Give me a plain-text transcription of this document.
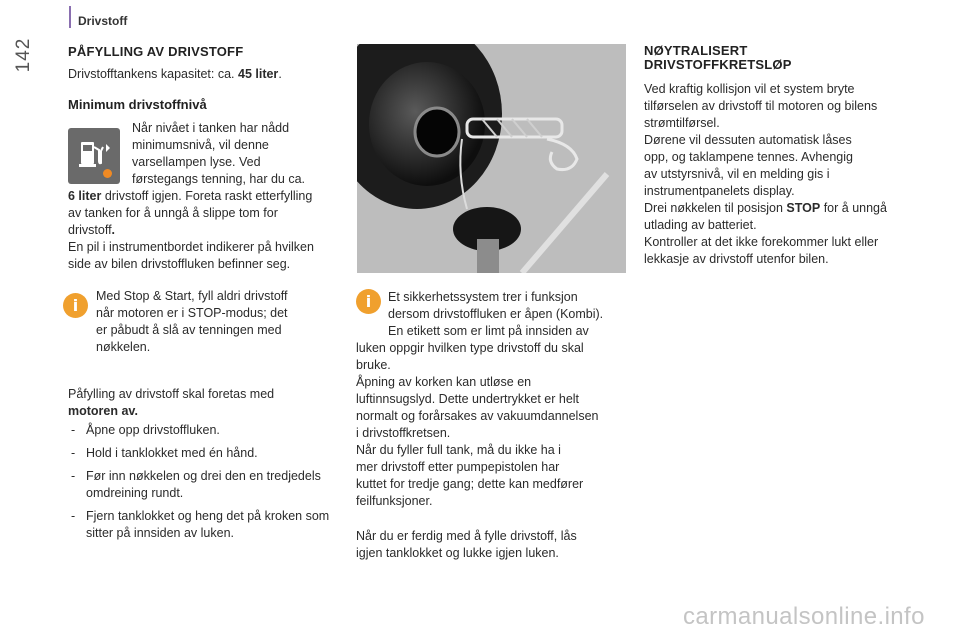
Drivstoff
142	PÅFYLLING AV DRIVSTOFF

Drivstofftankens kapasitet: ca. 45 liter.

Minimum drivstoffnivå

Når nivået i tanken har nådd

minimumsnivå, vil denne

varsellampen lyse. Ved

førstegangs tenning, har du ca.

6 liter drivstoff igjen. Foreta raskt etterfylling

av tanken for å unngå å slippe tom for

drivstoff.

En pil i instrumentbordet indikerer på hvilken

side av bilen drivstoffluken befinner seg.

Med Stop & Start, fyll aldri drivstoff

når motoren er i STOP-modus; det

er påbudt å slå av tenningen med

nøkkelen.

Påfylling av drivstoff skal foretas med

motoren av.

- Åpne opp drivstoffluken.
- Hold i tanklokket med én hånd.
- Før inn nøkkelen og drei den en tredjedels omdreining rundt.
- Fjern tanklokket og heng det på kroken som sitter på innsiden av luken.
i	i	Et sikkerhetssystem trer i funksjon

dersom drivstoffluken er åpen (Kombi).

En etikett som er limt på innsiden av

luken oppgir hvilken type drivstoff du skal

bruke.

Åpning av korken kan utløse en

luftinnsugslyd. Dette undertrykket er helt

normalt og forårsakes av vakuumdannelsen

i drivstoffkretsen.

Når du fyller full tank, må du ikke ha i

mer drivstoff etter pumpepistolen har

kuttet for tredje gang; dette kan medfører

feilfunksjoner.

Når du er ferdig med å fylle drivstoff, lås

igjen tanklokket og lukke igjen luken.

NØYTRALISERT

DRIVSTOFFKRETSLØP

Ved kraftig kollisjon vil et system bryte

tilførselen av drivstoff til motoren og bilens

strømtilførsel.

Dørene vil dessuten automatisk låses

opp, og taklampene tennes. Avhengig

av utstyrsnivå, vil en melding gis i

instrumentpanelets display.

Drei nøkkelen til posisjon STOP for å unngå

utlading av batteriet.

Kontroller at det ikke forekommer lukt eller

lekkasje av drivstoff utenfor bilen.

carmanualsonline.info
